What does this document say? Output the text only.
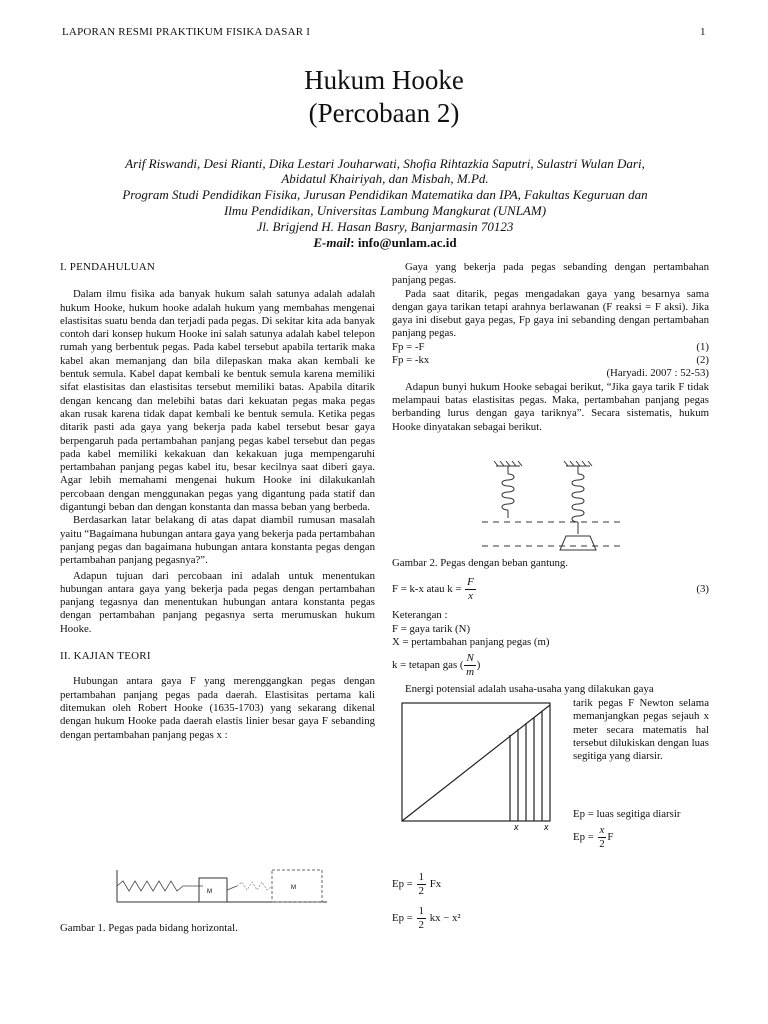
LAPORAN RESMI PRAKTIKUM FISIKA DASAR I	1
Hukum Hooke
(Percobaan 2)
Arif Riswandi, Desi Rianti, Dika Lestari Jouharwati, Shofia Rihtazkia Saputri, Sulastri Wulan Dari,
Abidatul Khairiyah, dan Misbah, M.Pd.
Program Studi Pendidikan Fisika, Jurusan Pendidikan Matematika dan IPA, Fakultas Keguruan dan
Ilmu Pendidikan, Universitas Lambung Mangkurat (UNLAM)
Jl. Brigjend H. Hasan Basry, Banjarmasin 70123
E-mail: info@unlam.ac.id

I. PENDAHULUAN

Dalam ilmu fisika ada banyak hukum salah satunya adalah adalah hukum Hooke, hukum hooke adalah hukum yang membahas mengenai elastisitas suatu benda dan terjadi pada pegas. Di sekitar kita ada banyak contoh dari konsep hukum Hooke ini salah satunya adalah kabel telepon rumah yang berbentuk pegas. Pada kabel tersebut apabila tertarik maka kabel akan memanjang dan bila dilepaskan maka akan kembali ke bentuk semula. Kabel dapat kembali ke bentuk semula karena memiliki sifat elastisitas dan elastisitas tersebut memiliki batas. Apabila ditarik dengan kencang dan melebihi batas dari kekuatan pegas maka pegas akan rusak karena tidak dapat kembali ke bentuk semula. Ketika pegas ditarik pasti ada gaya yang bekerja pada kabel tersebut besar gaya berpengaruh pada pertambahan panjang pegas kabel tersebut dan pegas pada kabel memiliki kekakuan dan kekakuan juga mempengaruhi pertambahan panjang pegas kabel itu, besar kecilnya saat diberi gaya. Agar lebih memahami mengenai hukum Hooke ini dilakukanlah percobaan dengan menggunakan pegas yang digantung pada statif dan digantungi beban dan dengan konstanta dan massa beban yang berbeda.

Berdasarkan latar belakang di atas dapat diambil rumusan masalah yaitu “Bagaimana hubungan antara gaya yang bekerja pada pertambahan panjang pegas dan bagaimana hubungan antara konstanta pegas dengan pertambahan panjang pegasnya?”.

Adapun tujuan dari percobaan ini adalah untuk menentukan hubungan antara gaya yang bekerja pada pegas dengan pertambahan panjang tegasnya dan menentukan hubungan antara konstanta pegas dengan pertambahan panjang pegasnya serta merumuskan hukum Hooke.

II. KAJIAN TEORI

Hubungan antara gaya F yang merenggangkan pegas dengan pertambahan panjang pegas pada daerah. Elastisitas pertama kali ditemukan oleh Robert Hooke (1635-1703) yang sekarang dikenal dengan hukum Hooke pada daerah elastis linier besar gaya F sebanding dengan pertambahan panjang pegas x :

M
M
Gambar 1. Pegas pada bidang horizontal.

Gaya yang bekerja pada pegas sebanding dengan pertambahan panjang pegas.

Pada saat ditarik, pegas mengadakan gaya yang besarnya sama dengan gaya tarikan tetapi arahnya berlawanan (F reaksi = F aksi). Jika gaya ini disebut gaya pegas, Fp gaya ini sebanding dengan pertambahan panjang pegas.

Fp = -F	(1)
Fp = -kx	(2)

(Haryadi. 2007 : 52-53)

Adapun bunyi hukum Hooke sebagai berikut, “Jika gaya tarik F tidak melampaui batas elastisitas pegas. Maka, pertambahan panjang pegas berbanding lurus dengan gaya tariknya”. Secara sistematis, hukum Hooke dinyatakan sebagai berikut.

Gambar 2. Pegas dengan beban gantung.

F = k-x atau $k = \frac{F}{x}$	(3)

Keterangan :

F = gaya tarik (N)

X = pertambahan panjang pegas (m)

k = tetapan gas ( $\frac{N}{m}$ )

Energi potensial adalah usaha-usaha yang dilakukan gaya

x	x
tarik pegas F Newton selama memanjangkan pegas sejauh x meter secara matematis hal tersebut dilukiskan dengan luas segitiga yang diarsir.
Ep = luas segitiga diarsir
$Ep = \frac{x}{2}$ F
$Ep = \frac{1}{2}$ Fx
$Ep = \frac{1}{2}$ kx − x²
